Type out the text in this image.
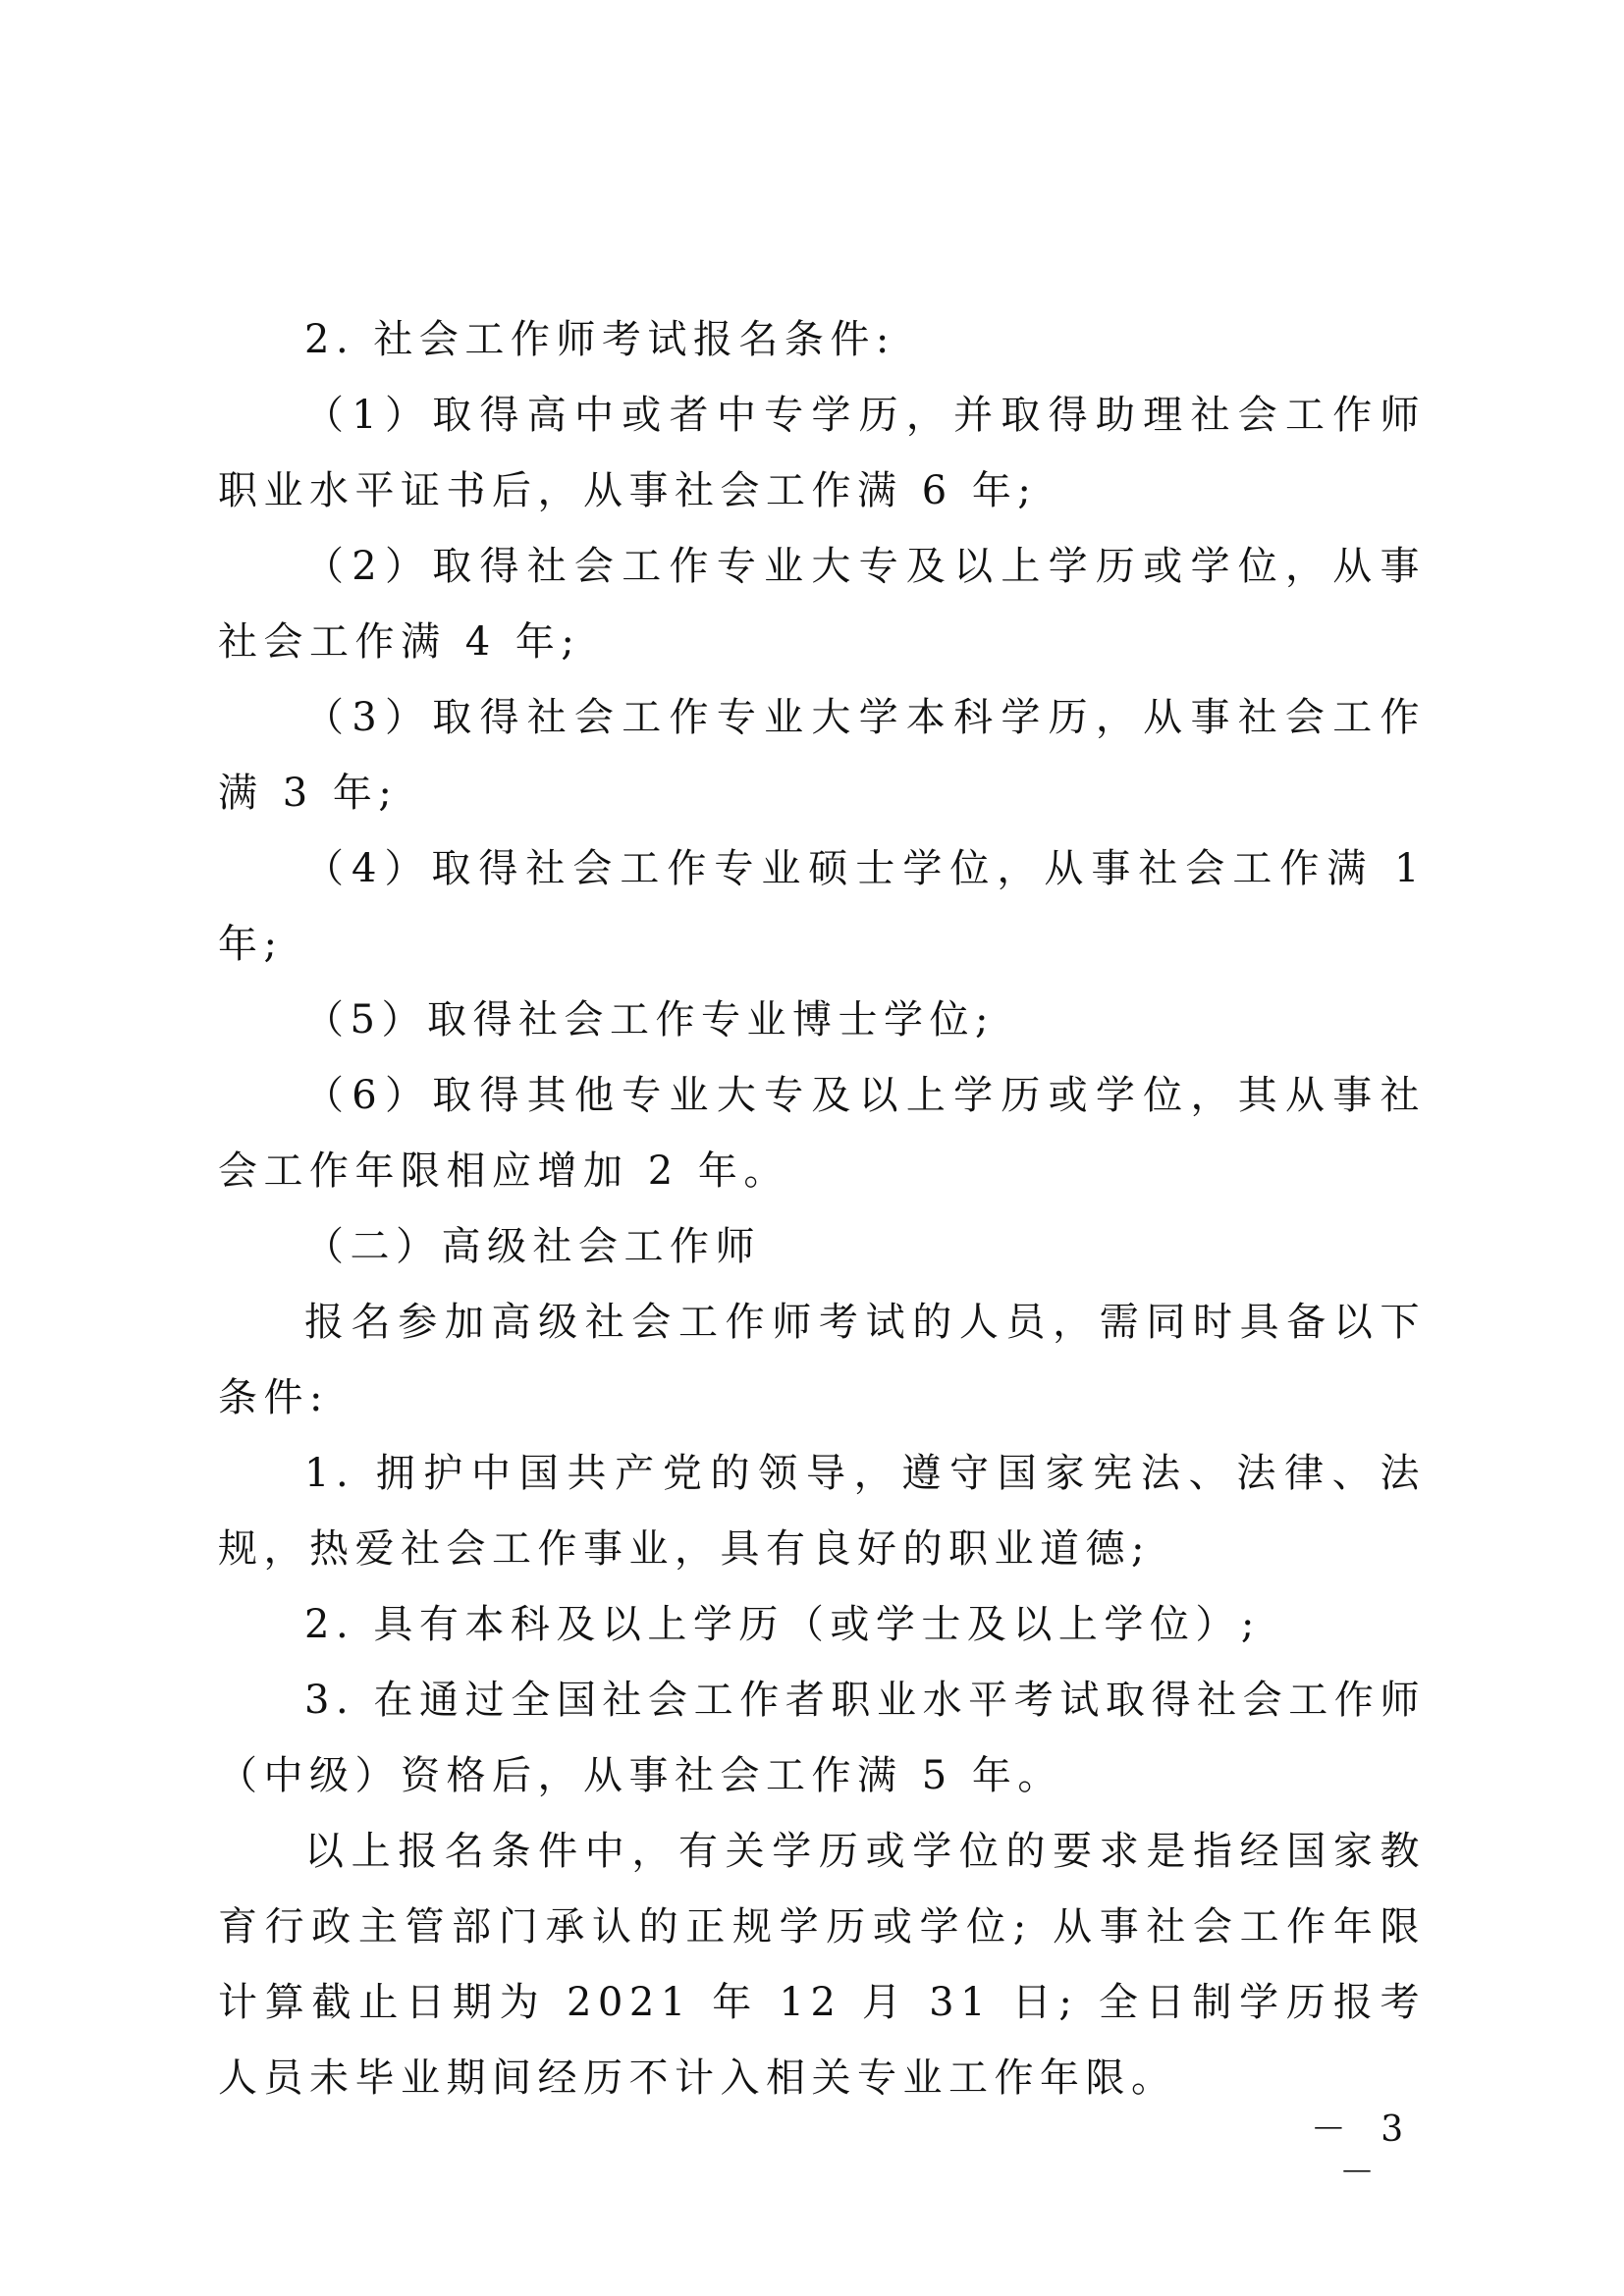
2. 社会工作师考试报名条件:

（1）取得高中或者中专学历，并取得助理社会工作师职业水平证书后，从事社会工作满 6 年;

（2）取得社会工作专业大专及以上学历或学位，从事社会工作满 4 年;

（3）取得社会工作专业大学本科学历，从事社会工作满 3 年;

（4）取得社会工作专业硕士学位，从事社会工作满 1 年;

（5）取得社会工作专业博士学位;

（6）取得其他专业大专及以上学历或学位，其从事社会工作年限相应增加 2 年。

（二）高级社会工作师

报名参加高级社会工作师考试的人员，需同时具备以下条件:

1. 拥护中国共产党的领导，遵守国家宪法、法律、法规，热爱社会工作事业，具有良好的职业道德;

2. 具有本科及以上学历（或学士及以上学位）;

3. 在通过全国社会工作者职业水平考试取得社会工作师（中级）资格后，从事社会工作满 5 年。

以上报名条件中，有关学历或学位的要求是指经国家教育行政主管部门承认的正规学历或学位; 从事社会工作年限计算截止日期为 2021 年 12 月 31 日; 全日制学历报考人员未毕业期间经历不计入相关专业工作年限。

－ 3 －
